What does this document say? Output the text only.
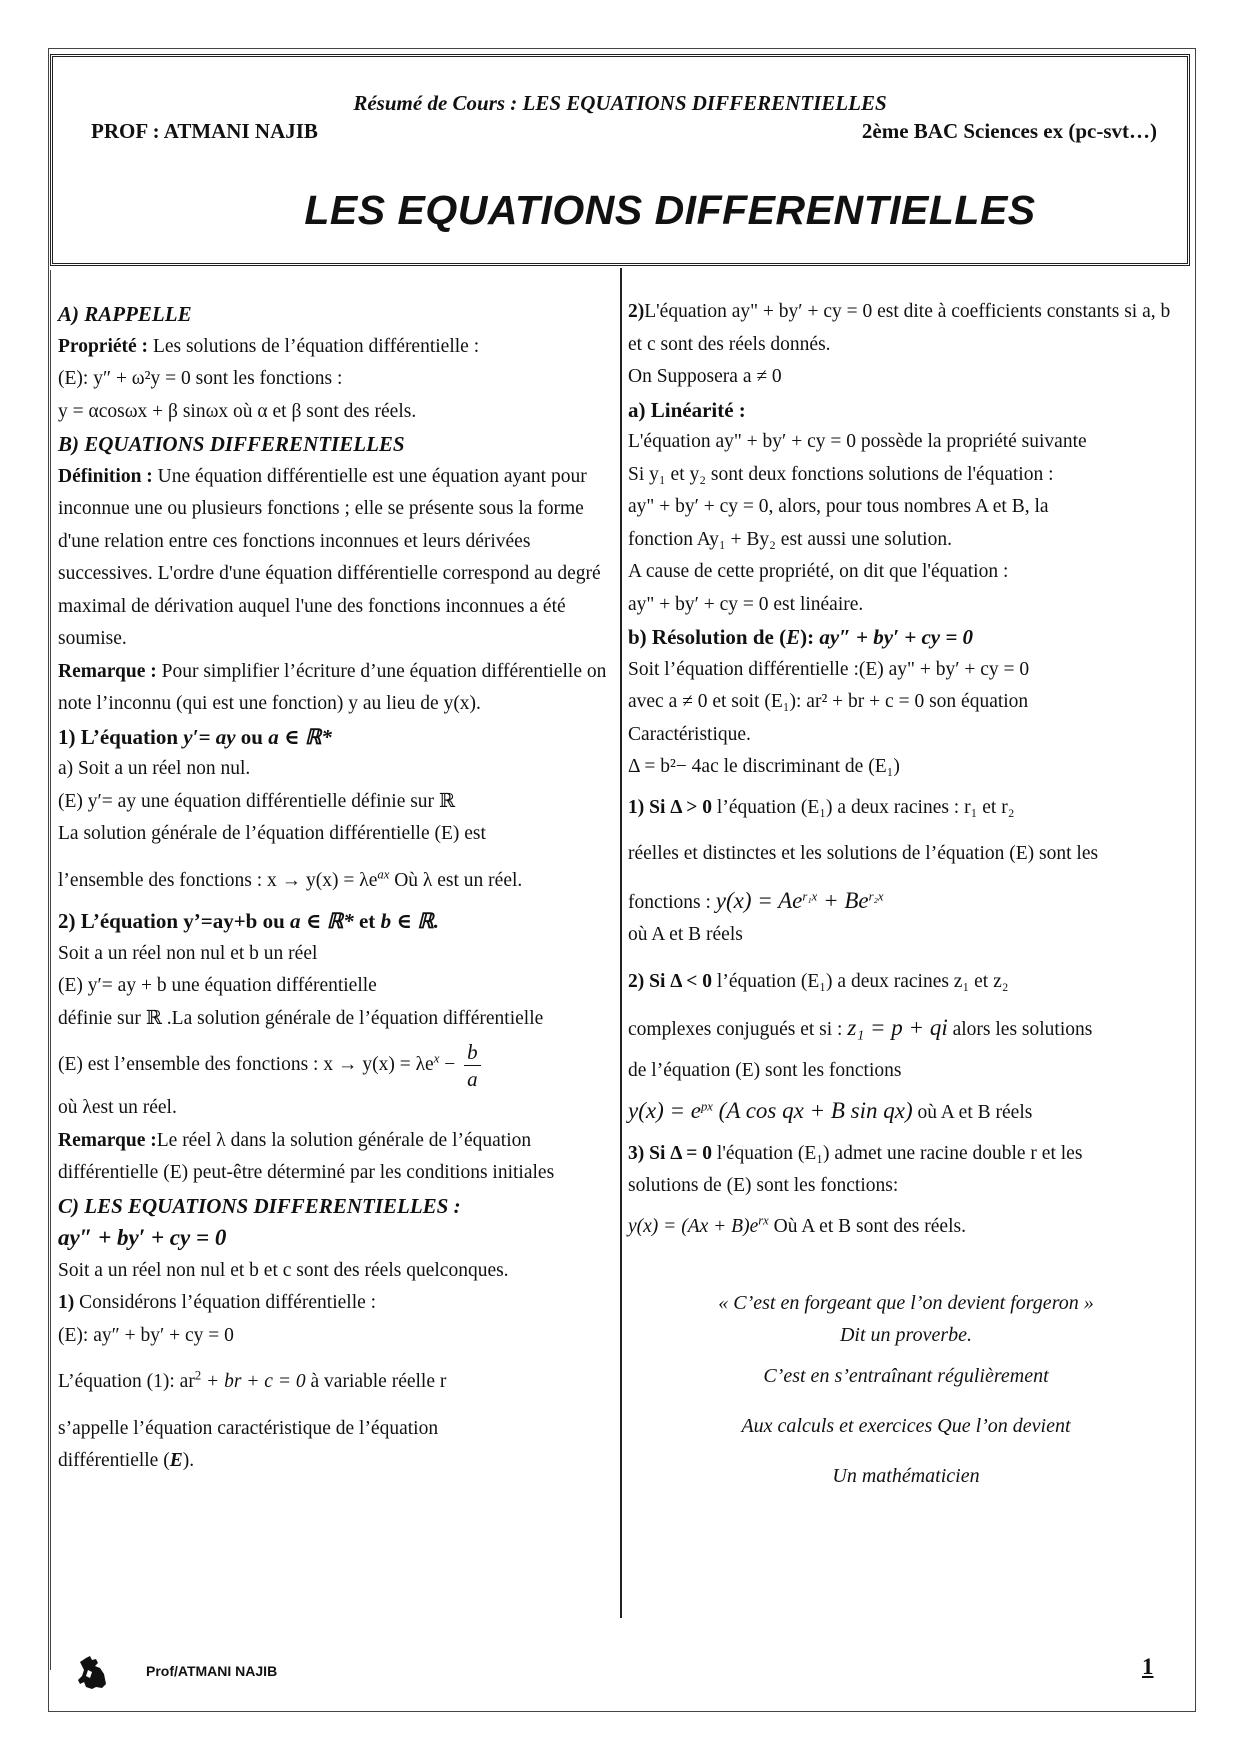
Résumé de Cours : LES EQUATIONS DIFFERENTIELLES
PROF : ATMANI NAJIB	2ème BAC Sciences ex (pc-svt…)
LES EQUATIONS DIFFERENTIELLES

A) RAPPELLE

Propriété : Les solutions de l’équation différentielle :

(E): y″ + ω²y = 0 sont les fonctions :

y = αcosωx + β sinωx où α et β sont des réels.

B) EQUATIONS DIFFERENTIELLES

Définition : Une équation différentielle est une équation ayant pour inconnue une ou plusieurs fonctions ; elle se présente sous la forme d'une relation entre ces fonctions inconnues et leurs dérivées successives. L'ordre d'une équation différentielle correspond au degré maximal de dérivation auquel l'une des fonctions inconnues a été soumise.

Remarque : Pour simplifier l’écriture d’une équation différentielle on note l’inconnu (qui est une fonction) y au lieu de y(x).

1) L’équation y′= ay ou a ∈ ℝ*

a) Soit a un réel non nul.

(E) y′= ay une équation différentielle définie sur ℝ

La solution générale de l’équation différentielle (E) est

l’ensemble des fonctions : $x \to y(x) = \lambda e^{ax}$ Où λ est un réel.

2) L’équation y’=ay+b ou a ∈ ℝ* et b ∈ ℝ.

Soit a un réel non nul et b un réel

(E) y′= ay + b une équation différentielle

définie sur ℝ .La solution générale de l’équation différentielle

(E) est l’ensemble des fonctions : $x \to y(x) = \lambda e^x - \frac{b}{a}$

où λest un réel.

Remarque :Le réel λ dans la solution générale de l’équation différentielle (E) peut-être déterminé par les conditions initiales

C) LES EQUATIONS DIFFERENTIELLES :

ay″ + by′ + cy = 0

Soit a un réel non nul et b et c sont des réels quelconques.

1) Considérons l’équation différentielle :

(E): ay″ + by′ + cy = 0

L’équation (1): $ar^2$ + br + c = 0 à variable réelle r

s’appelle l’équation caractéristique de l’équation

différentielle (E).

2)L'équation ay" + by′ + cy = 0 est dite à coefficients constants si a, b et c sont des réels donnés.

On Supposera a ≠ 0

a) Linéarité :

L'équation ay" + by′ + cy = 0 possède la propriété suivante

Si y₁ et y₂ sont deux fonctions solutions de l'équation :

ay" + by′ + cy = 0, alors, pour tous nombres A et B, la

fonction Ay₁ + By₂ est aussi une solution.

A cause de cette propriété, on dit que l'équation :

ay" + by′ + cy = 0 est linéaire.

b) Résolution de (E): ay″ + by′ + cy = 0

Soit l’équation différentielle :(E) ay" + by′ + cy = 0

avec a ≠ 0 et soit (E₁): ar² + br + c = 0 son équation

Caractéristique.

Δ = b²− 4ac le discriminant de (E₁)

1) Si Δ > 0 l’équation (E₁) a deux racines : r₁ et r₂

réelles et distinctes et les solutions de l’équation (E) sont les

fonctions : $y(x) = Ae^{r_1x} + Be^{r_2x}$

où A et B réels

2) Si Δ < 0 l’équation (E₁) a deux racines z₁ et z₂

complexes conjugués et si : z₁ = p + qi alors les solutions

de l’équation (E) sont les fonctions

$y(x) = e^{px}$ (A cos qx + B sin qx) où A et B réels

3) Si Δ = 0 l'équation (E₁) admet une racine double r et les

solutions de (E) sont les fonctions:

$y(x) = (Ax + B)e^{rx}$ Où A et B sont des réels.

« C’est en forgeant que l’on devient forgeron »

Dit un proverbe.

C’est en s’entraînant régulièrement

Aux calculs et exercices Que l’on devient

Un mathématicien

Prof/ATMANI NAJIB	1
